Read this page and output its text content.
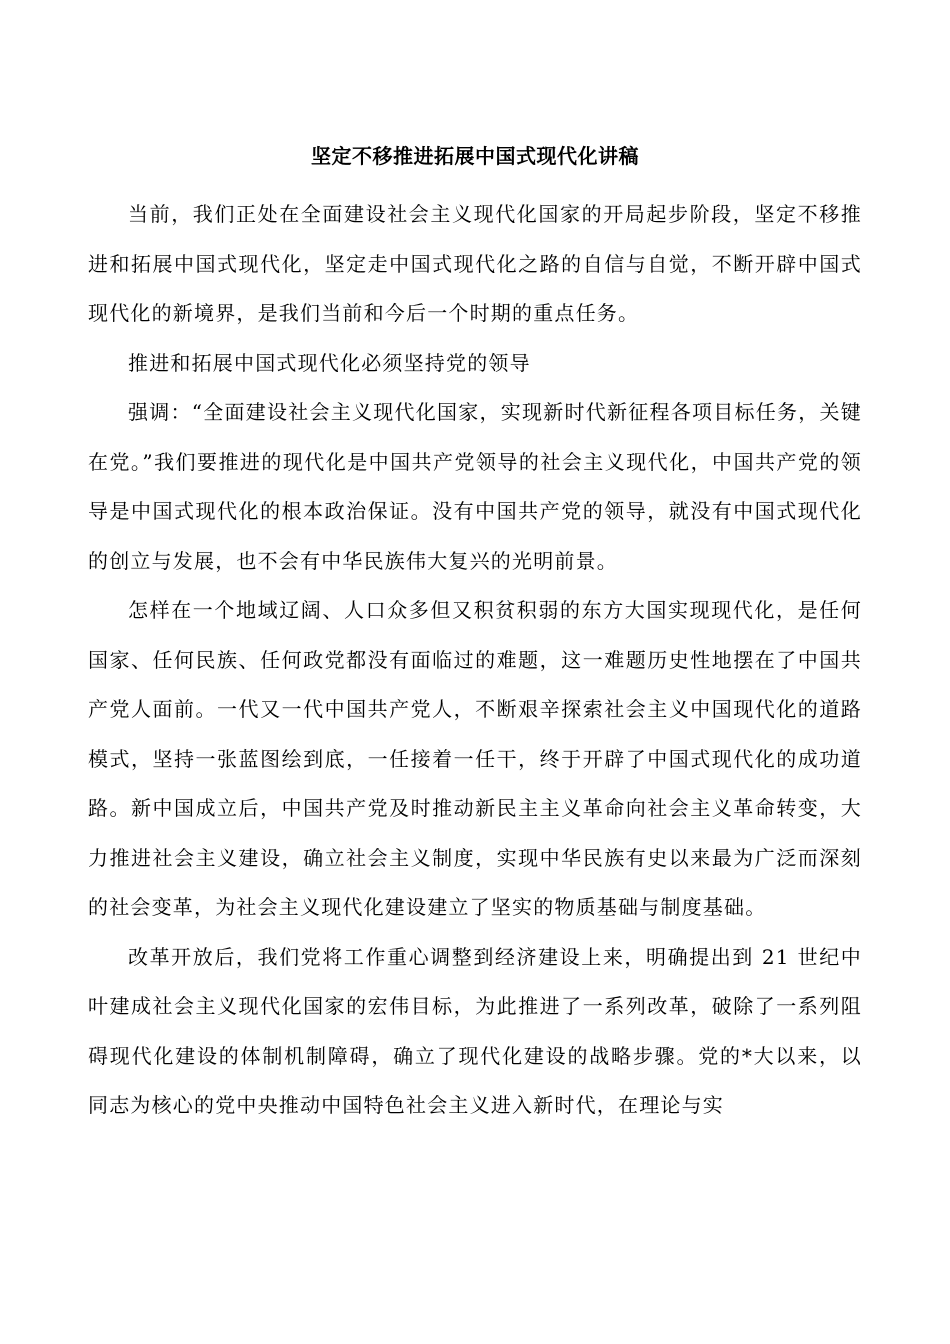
坚定不移推进拓展中国式现代化讲稿

当前，我们正处在全面建设社会主义现代化国家的开局起步阶段，坚定不移推进和拓展中国式现代化，坚定走中国式现代化之路的自信与自觉，不断开辟中国式现代化的新境界，是我们当前和今后一个时期的重点任务。

推进和拓展中国式现代化必须坚持党的领导

强调：“全面建设社会主义现代化国家，实现新时代新征程各项目标任务，关键在党。”我们要推进的现代化是中国共产党领导的社会主义现代化，中国共产党的领导是中国式现代化的根本政治保证。没有中国共产党的领导，就没有中国式现代化的创立与发展，也不会有中华民族伟大复兴的光明前景。

怎样在一个地域辽阔、人口众多但又积贫积弱的东方大国实现现代化，是任何国家、任何民族、任何政党都没有面临过的难题，这一难题历史性地摆在了中国共产党人面前。一代又一代中国共产党人，不断艰辛探索社会主义中国现代化的道路模式，坚持一张蓝图绘到底，一任接着一任干，终于开辟了中国式现代化的成功道路。新中国成立后，中国共产党及时推动新民主主义革命向社会主义革命转变，大力推进社会主义建设，确立社会主义制度，实现中华民族有史以来最为广泛而深刻的社会变革，为社会主义现代化建设建立了坚实的物质基础与制度基础。

改革开放后，我们党将工作重心调整到经济建设上来，明确提出到 21 世纪中叶建成社会主义现代化国家的宏伟目标，为此推进了一系列改革，破除了一系列阻碍现代化建设的体制机制障碍，确立了现代化建设的战略步骤。党的*大以来，以同志为核心的党中央推动中国特色社会主义进入新时代，在理论与实
